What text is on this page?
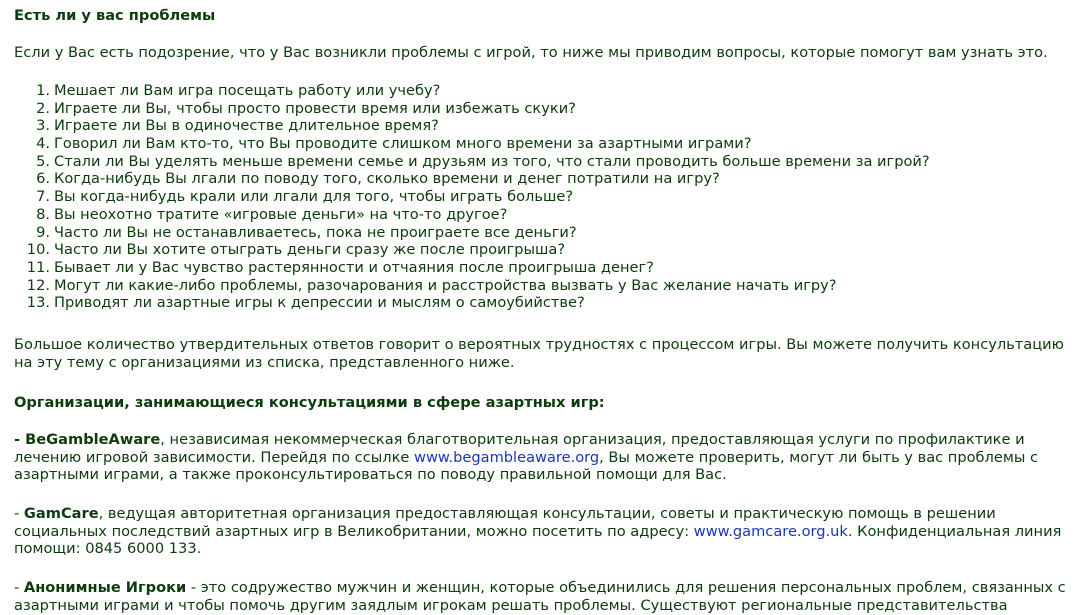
Есть ли у вас проблемы
Если у Вас есть подозрение, что у Вас возникли проблемы с игрой, то ниже мы приводим вопросы, которые помогут вам узнать это.
1. Мешает ли Вам игра посещать работу или учебу?
2. Играете ли Вы, чтобы просто провести время или избежать скуки?
3. Играете ли Вы в одиночестве длительное время?
4. Говорил ли Вам кто-то, что Вы проводите слишком много времени за азартными играми?
5. Стали ли Вы уделять меньше времени семье и друзьям из того, что стали проводить больше времени за игрой?
6. Когда-нибудь Вы лгали по поводу того, сколько времени и денег потратили на игру?
7. Вы когда-нибудь крали или лгали для того, чтобы играть больше?
8. Вы неохотно тратите «игровые деньги» на что-то другое?
9. Часто ли Вы не останавливаетесь, пока не проиграете все деньги?
10. Часто ли Вы хотите отыграть деньги сразу же после проигрыша?
11. Бывает ли у Вас чувство растерянности и отчаяния после проигрыша денег?
12. Могут ли какие-либо проблемы, разочарования и расстройства вызвать у Вас желание начать игру?
13. Приводят ли азартные игры к депрессии и мыслям о самоубийстве?
Большое количество утвердительных ответов говорит о вероятных трудностях с процессом игры. Вы можете получить консультацию на эту тему с организациями из списка, представленного ниже.
Организации, занимающиеся консультациями в сфере азартных игр:
- BeGambleAware, независимая некоммерческая благотворительная организация, предоставляющая услуги по профилактике и лечению игровой зависимости. Перейдя по ссылке www.begambleaware.org, Вы можете проверить, могут ли быть у вас проблемы с азартными играми, а также проконсультироваться по поводу правильной помощи для Вас.
- GamCare, ведущая авторитетная организация предоставляющая консультации, советы и практическую помощь в решении социальных последствий азартных игр в Великобритании, можно посетить по адресу: www.gamcare.org.uk. Конфиденциальная линия помощи: 0845 6000 133.
- Анонимные Игроки - это содружество мужчин и женщин, которые объединились для решения персональных проблем, связанных с азартными играми и чтобы помочь другим заядлым игрокам решать проблемы. Существуют региональные представительства
